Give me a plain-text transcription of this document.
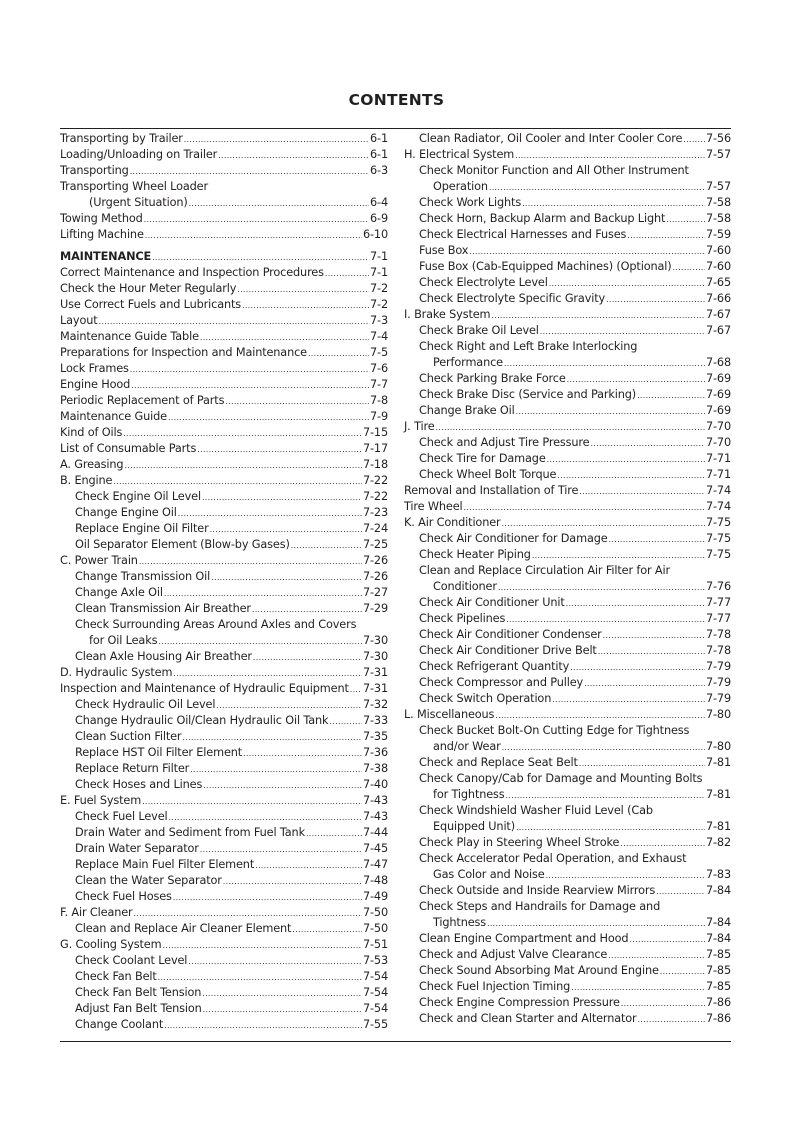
CONTENTS
Transporting by Trailer .....	6-1
Loading/Unloading on Trailer .....	6-1
Transporting .....	6-3
Transporting Wheel Loader
(Urgent Situation) .....	6-4
Towing Method .....	6-9
Lifting Machine .....	6-10
MAINTENANCE .....	7-1
Correct Maintenance and Inspection Procedures .....	7-1
Check the Hour Meter Regularly .....	7-2
Use Correct Fuels and Lubricants .....	7-2
Layout .....	7-3
Maintenance Guide Table .....	7-4
Preparations for Inspection and Maintenance .....	7-5
Lock Frames .....	7-6
Engine Hood .....	7-7
Periodic Replacement of Parts .....	7-8
Maintenance Guide .....	7-9
Kind of Oils .....	7-15
List of Consumable Parts .....	7-17
A. Greasing .....	7-18
B. Engine .....	7-22
Check Engine Oil Level .....	7-22
Change Engine Oil .....	7-23
Replace Engine Oil Filter .....	7-24
Oil Separator Element (Blow-by Gases) .....	7-25
C. Power Train .....	7-26
Change Transmission Oil .....	7-26
Change Axle Oil .....	7-27
Clean Transmission Air Breather .....	7-29
Check Surrounding Areas Around Axles and Covers
for Oil Leaks .....	7-30
Clean Axle Housing Air Breather .....	7-30
D. Hydraulic System .....	7-31
Inspection and Maintenance of Hydraulic Equipment ..... 7-31
Check Hydraulic Oil Level .....	7-32
Change Hydraulic Oil/Clean Hydraulic Oil Tank .....	7-33
Clean Suction Filter .....	7-35
Replace HST Oil Filter Element .....	7-36
Replace Return Filter .....	7-38
Check Hoses and Lines .....	7-40
E. Fuel System .....	7-43
Check Fuel Level .....	7-43
Drain Water and Sediment from Fuel Tank .....	7-44
Drain Water Separator .....	7-45
Replace Main Fuel Filter Element .....	7-47
Clean the Water Separator .....	7-48
Check Fuel Hoses .....	7-49
F. Air Cleaner .....	7-50
Clean and Replace Air Cleaner Element .....	7-50
G. Cooling System .....	7-51
Check Coolant Level .....	7-53
Check Fan Belt .....	7-54
Check Fan Belt Tension .....	7-54
Adjust Fan Belt Tension .....	7-54
Change Coolant .....	7-55
Clean Radiator, Oil Cooler and Inter Cooler Core ..... 7-56
H. Electrical System .....	7-57
Check Monitor Function and All Other Instrument
Operation .....	7-57
Check Work Lights .....	7-58
Check Horn, Backup Alarm and Backup Light .....	7-58
Check Electrical Harnesses and Fuses .....	7-59
Fuse Box .....	7-60
Fuse Box (Cab-Equipped Machines) (Optional) .....	7-60
Check Electrolyte Level .....	7-65
Check Electrolyte Specific Gravity .....	7-66
I. Brake System .....	7-67
Check Brake Oil Level .....	7-67
Check Right and Left Brake Interlocking
Performance .....	7-68
Check Parking Brake Force .....	7-69
Check Brake Disc (Service and Parking) .....	7-69
Change Brake Oil .....	7-69
J. Tire .....	7-70
Check and Adjust Tire Pressure .....	7-70
Check Tire for Damage .....	7-71
Check Wheel Bolt Torque .....	7-71
Removal and Installation of Tire .....	7-74
Tire Wheel .....	7-74
K. Air Conditioner .....	7-75
Check Air Conditioner for Damage .....	7-75
Check Heater Piping .....	7-75
Clean and Replace Circulation Air Filter for Air
Conditioner .....	7-76
Check Air Conditioner Unit .....	7-77
Check Pipelines .....	7-77
Check Air Conditioner Condenser .....	7-78
Check Air Conditioner Drive Belt .....	7-78
Check Refrigerant Quantity .....	7-79
Check Compressor and Pulley .....	7-79
Check Switch Operation .....	7-79
L. Miscellaneous .....	7-80
Check Bucket Bolt-On Cutting Edge for Tightness
and/or Wear .....	7-80
Check and Replace Seat Belt .....	7-81
Check Canopy/Cab for Damage and Mounting Bolts
for Tightness .....	7-81
Check Windshield Washer Fluid Level (Cab
Equipped Unit) .....	7-81
Check Play in Steering Wheel Stroke .....	7-82
Check Accelerator Pedal Operation, and Exhaust
Gas Color and Noise .....	7-83
Check Outside and Inside Rearview Mirrors .....	7-84
Check Steps and Handrails for Damage and
Tightness .....	7-84
Clean Engine Compartment and Hood .....	7-84
Check and Adjust Valve Clearance .....	7-85
Check Sound Absorbing Mat Around Engine .....	7-85
Check Fuel Injection Timing .....	7-85
Check Engine Compression Pressure .....	7-86
Check and Clean Starter and Alternator .....	7-86
